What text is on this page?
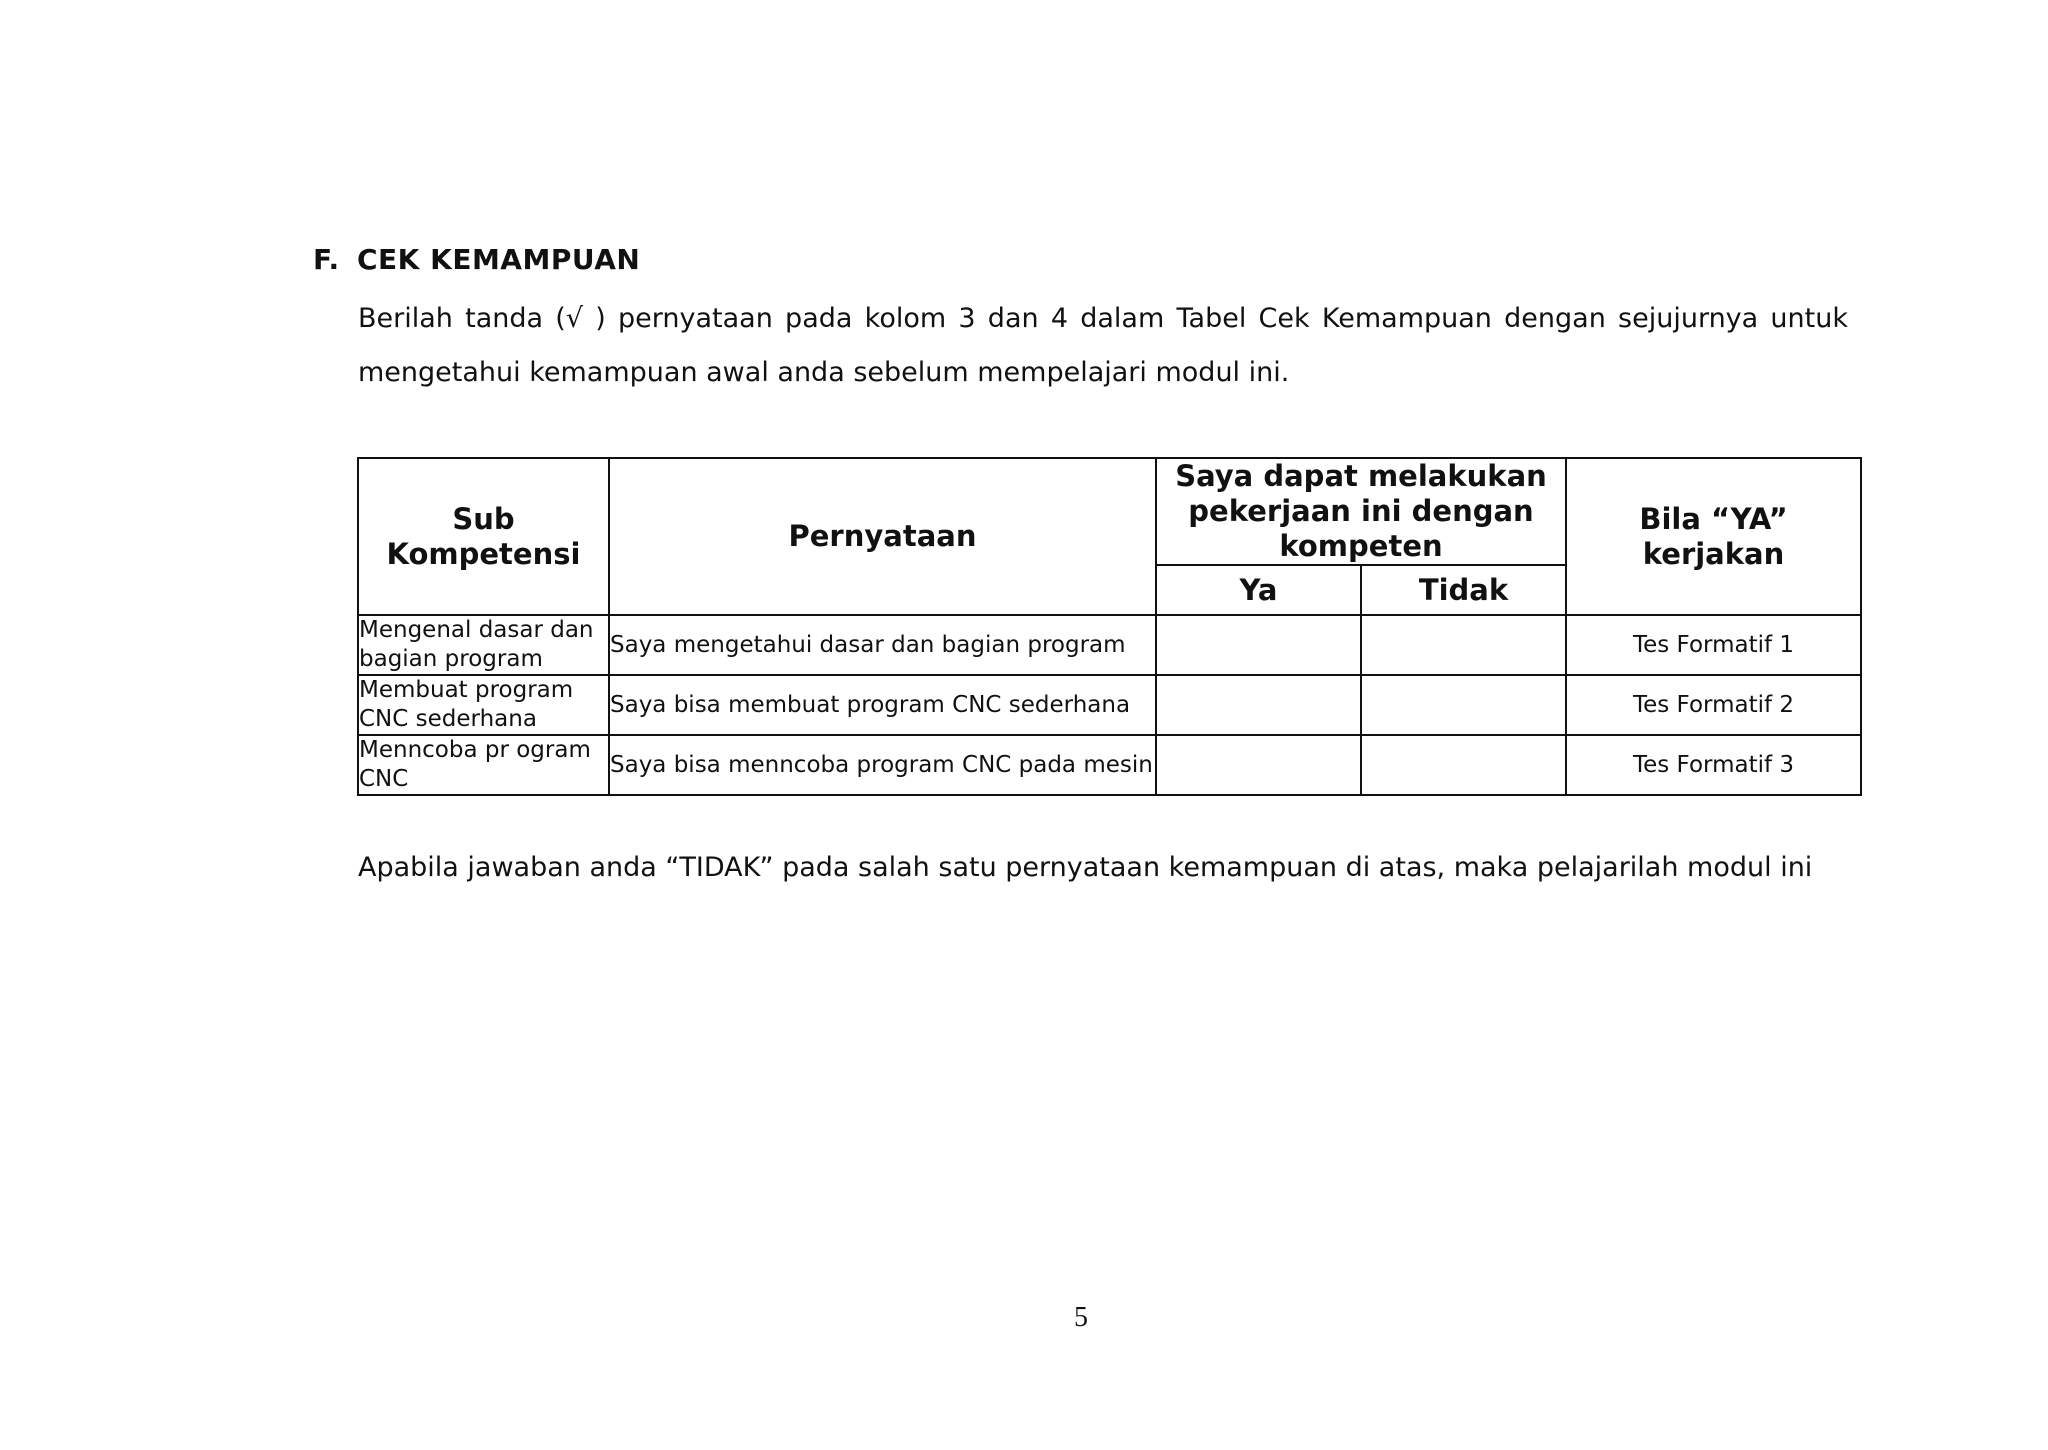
F. CEK KEMAMPUAN
Berilah tanda (√ ) pernyataan pada kolom 3 dan 4 dalam Tabel Cek Kemampuan dengan sejujurnya untuk mengetahui kemampuan awal anda sebelum mempelajari modul ini.
Sub Kompetensi	Pernyataan	Saya dapat melakukan pekerjaan ini dengan kompeten		Bila “YA” kerjakan
		Ya	Tidak	
Mengenal dasar dan bagian program	Saya mengetahui dasar dan bagian program			Tes Formatif 1
Membuat program CNC sederhana	Saya bisa membuat program CNC sederhana			Tes Formatif 2
Menncoba pr ogram CNC	Saya bisa menncoba program CNC pada mesin			Tes Formatif 3
Apabila jawaban anda “TIDAK” pada salah satu pernyataan kemampuan di atas, maka pelajarilah modul ini
5
